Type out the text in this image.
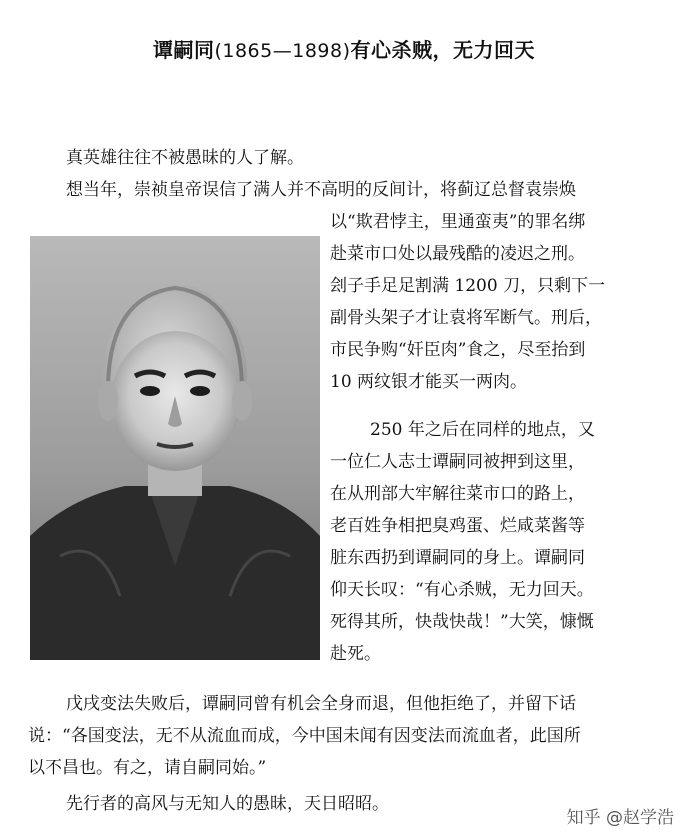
谭嗣同(1865—1898)有心杀贼，无力回天

真英雄往往不被愚昧的人了解。

想当年，崇祯皇帝误信了满人并不高明的反间计，将蓟辽总督袁崇焕

以“欺君悖主，里通蛮夷”的罪名绑

赴菜市口处以最残酷的凌迟之刑。

刽子手足足割满 1200 刀，只剩下一

副骨头架子才让袁将军断气。刑后，

市民争购“奸臣肉”食之，尽至抬到

10 两纹银才能买一两肉。

250 年之后在同样的地点，又

一位仁人志士谭嗣同被押到这里，

在从刑部大牢解往菜市口的路上，

老百姓争相把臭鸡蛋、烂咸菜酱等

脏东西扔到谭嗣同的身上。谭嗣同

仰天长叹：“有心杀贼，无力回天。

死得其所，快哉快哉！”大笑，慷慨

赴死。

戊戌变法失败后，谭嗣同曾有机会全身而退，但他拒绝了，并留下话

说：“各国变法，无不从流血而成，今中国未闻有因变法而流血者，此国所

以不昌也。有之，请自嗣同始。”

先行者的高风与无知人的愚昧，天日昭昭。

知乎 @赵学浩
